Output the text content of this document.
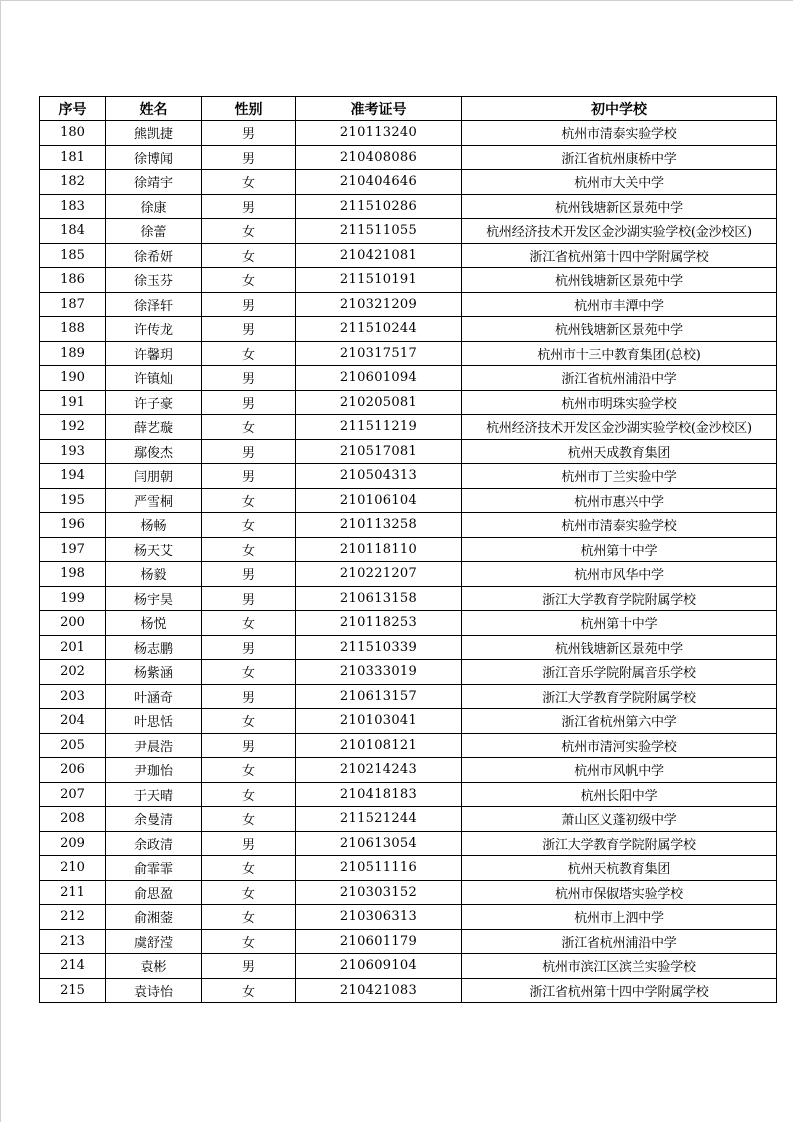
序号	姓名	性别	准考证号	初中学校
180	熊凯捷	男	210113240	杭州市清泰实验学校
181	徐博闻	男	210408086	浙江省杭州康桥中学
182	徐靖宇	女	210404646	杭州市大关中学
183	徐康	男	211510286	杭州钱塘新区景苑中学
184	徐蕾	女	211511055	杭州经济技术开发区金沙湖实验学校(金沙校区)
185	徐希妍	女	210421081	浙江省杭州第十四中学附属学校
186	徐玉芬	女	211510191	杭州钱塘新区景苑中学
187	徐泽轩	男	210321209	杭州市丰潭中学
188	许传龙	男	211510244	杭州钱塘新区景苑中学
189	许馨玥	女	210317517	杭州市十三中教育集团(总校)
190	许镇灿	男	210601094	浙江省杭州浦沿中学
191	许子豪	男	210205081	杭州市明珠实验学校
192	薛艺璇	女	211511219	杭州经济技术开发区金沙湖实验学校(金沙校区)
193	鄢俊杰	男	210517081	杭州天成教育集团
194	闫朋朝	男	210504313	杭州市丁兰实验中学
195	严雪桐	女	210106104	杭州市惠兴中学
196	杨畅	女	210113258	杭州市清泰实验学校
197	杨天艾	女	210118110	杭州第十中学
198	杨毅	男	210221207	杭州市风华中学
199	杨宇昊	男	210613158	浙江大学教育学院附属学校
200	杨悦	女	210118253	杭州第十中学
201	杨志鹏	男	211510339	杭州钱塘新区景苑中学
202	杨紫涵	女	210333019	浙江音乐学院附属音乐学校
203	叶涵奇	男	210613157	浙江大学教育学院附属学校
204	叶思恬	女	210103041	浙江省杭州第六中学
205	尹晨浩	男	210108121	杭州市清河实验学校
206	尹珈怡	女	210214243	杭州市风帆中学
207	于天晴	女	210418183	杭州长阳中学
208	余曼清	女	211521244	萧山区义蓬初级中学
209	余政清	男	210613054	浙江大学教育学院附属学校
210	俞霏霏	女	210511116	杭州天杭教育集团
211	俞思盈	女	210303152	杭州市保俶塔实验学校
212	俞湘蓥	女	210306313	杭州市上泗中学
213	虞舒滢	女	210601179	浙江省杭州浦沿中学
214	袁彬	男	210609104	杭州市滨江区滨兰实验学校
215	袁诗怡	女	210421083	浙江省杭州第十四中学附属学校
